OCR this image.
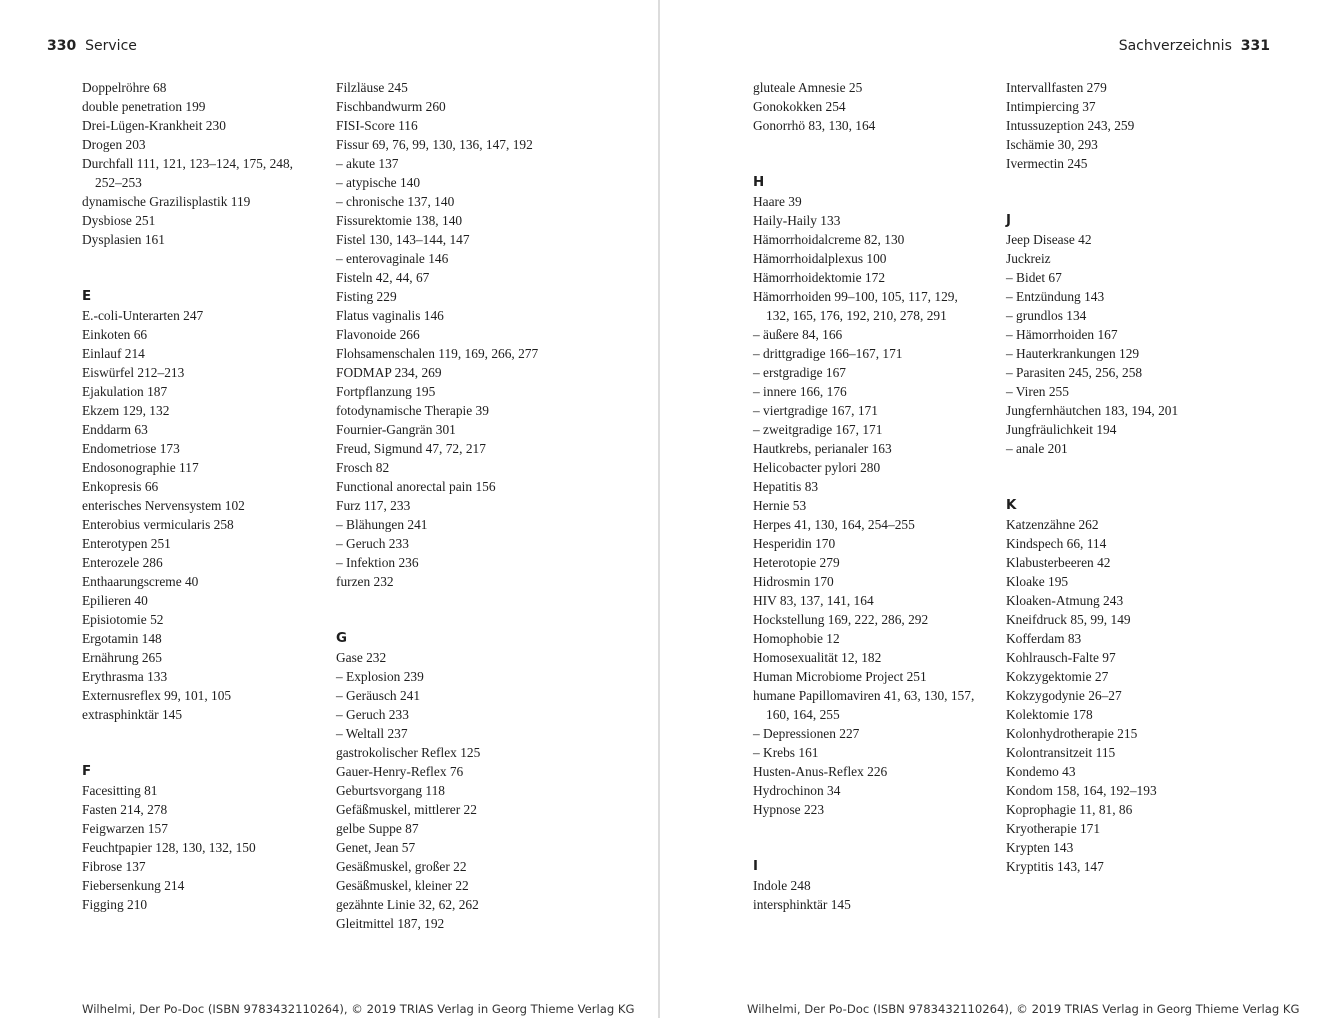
330 Service	Sachverzeichnis 331
Doppelröhre 68
double penetration 199
Drei-Lügen-Krankheit 230
Drogen 203
Durchfall 111, 121, 123–124, 175, 248,
252–253
dynamische Grazilisplastik 119
Dysbiose 251
Dysplasien 161
E
E.-coli-Unterarten 247
Einkoten 66
Einlauf 214
Eiswürfel 212–213
Ejakulation 187
Ekzem 129, 132
Enddarm 63
Endometriose 173
Endosonographie 117
Enkopresis 66
enterisches Nervensystem 102
Enterobius vermicularis 258
Enterotypen 251
Enterozele 286
Enthaarungscreme 40
Epilieren 40
Episiotomie 52
Ergotamin 148
Ernährung 265
Erythrasma 133
Externusreflex 99, 101, 105
extrasphinktär 145
F
Facesitting 81
Fasten 214, 278
Feigwarzen 157
Feuchtpapier 128, 130, 132, 150
Fibrose 137
Fiebersenkung 214
Figging 210
Filzläuse 245
Fischbandwurm 260
FISI-Score 116
Fissur 69, 76, 99, 130, 136, 147, 192
– akute 137
– atypische 140
– chronische 137, 140
Fissurektomie 138, 140
Fistel 130, 143–144, 147
– enterovaginale 146
Fisteln 42, 44, 67
Fisting 229
Flatus vaginalis 146
Flavonoide 266
Flohsamenschalen 119, 169, 266, 277
FODMAP 234, 269
Fortpflanzung 195
fotodynamische Therapie 39
Fournier-Gangrän 301
Freud, Sigmund 47, 72, 217
Frosch 82
Functional anorectal pain 156
Furz 117, 233
– Blähungen 241
– Geruch 233
– Infektion 236
furzen 232
G
Gase 232
– Explosion 239
– Geräusch 241
– Geruch 233
– Weltall 237
gastrokolischer Reflex 125
Gauer-Henry-Reflex 76
Geburtsvorgang 118
Gefäßmuskel, mittlerer 22
gelbe Suppe 87
Genet, Jean 57
Gesäßmuskel, großer 22
Gesäßmuskel, kleiner 22
gezähnte Linie 32, 62, 262
Gleitmittel 187, 192
gluteale Amnesie 25
Gonokokken 254
Gonorrhö 83, 130, 164
H
Haare 39
Haily-Haily 133
Hämorrhoidalcreme 82, 130
Hämorrhoidalplexus 100
Hämorrhoidektomie 172
Hämorrhoiden 99–100, 105, 117, 129,
132, 165, 176, 192, 210, 278, 291
– äußere 84, 166
– drittgradige 166–167, 171
– erstgradige 167
– innere 166, 176
– viertgradige 167, 171
– zweitgradige 167, 171
Hautkrebs, perianaler 163
Helicobacter pylori 280
Hepatitis 83
Hernie 53
Herpes 41, 130, 164, 254–255
Hesperidin 170
Heterotopie 279
Hidrosmin 170
HIV 83, 137, 141, 164
Hockstellung 169, 222, 286, 292
Homophobie 12
Homosexualität 12, 182
Human Microbiome Project 251
humane Papillomaviren 41, 63, 130, 157,
160, 164, 255
– Depressionen 227
– Krebs 161
Husten-Anus-Reflex 226
Hydrochinon 34
Hypnose 223
I
Indole 248
intersphinktär 145
Intervallfasten 279
Intimpiercing 37
Intussuzeption 243, 259
Ischämie 30, 293
Ivermectin 245
J
Jeep Disease 42
Juckreiz
– Bidet 67
– Entzündung 143
– grundlos 134
– Hämorrhoiden 167
– Hauterkrankungen 129
– Parasiten 245, 256, 258
– Viren 255
Jungfernhäutchen 183, 194, 201
Jungfräulichkeit 194
– anale 201
K
Katzenzähne 262
Kindspech 66, 114
Klabusterbeeren 42
Kloake 195
Kloaken-Atmung 243
Kneifdruck 85, 99, 149
Kofferdam 83
Kohlrausch-Falte 97
Kokzygektomie 27
Kokzygodynie 26–27
Kolektomie 178
Kolonhydrotherapie 215
Kolontransitzeit 115
Kondemo 43
Kondom 158, 164, 192–193
Koprophagie 11, 81, 86
Kryotherapie 171
Krypten 143
Kryptitis 143, 147
Wilhelmi, Der Po-Doc (ISBN 9783432110264), © 2019 TRIAS Verlag in Georg Thieme Verlag KG	Wilhelmi, Der Po-Doc (ISBN 9783432110264), © 2019 TRIAS Verlag in Georg Thieme Verlag KG
